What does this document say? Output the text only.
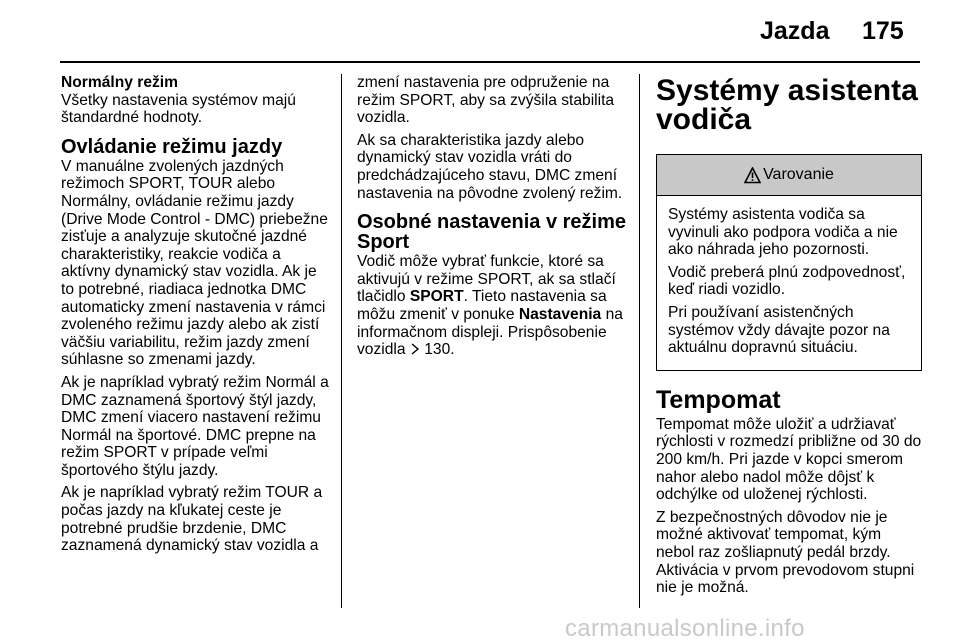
Jazda 175
Normálny režim

Všetky nastavenia systémov majú štandardné hodnoty.

Ovládanie režimu jazdy

V manuálne zvolených jazdných režimoch SPORT, TOUR alebo Normálny, ovládanie režimu jazdy (Drive Mode Control - DMC) priebežne zisťuje a analyzuje skutočné jazdné charakteristiky, reakcie vodiča a aktívny dynamický stav vozidla. Ak je to potrebné, riadiaca jednotka DMC automaticky zmení nastavenia v rámci zvoleného režimu jazdy alebo ak zistí väčšiu variabilitu, režim jazdy zmení súhlasne so zmenami jazdy.

Ak je napríklad vybratý režim Normál a DMC zaznamená športový štýl jazdy, DMC zmení viacero nastavení režimu Normál na športové. DMC prepne na režim SPORT v prípade veľmi športového štýlu jazdy.

Ak je napríklad vybratý režim TOUR a počas jazdy na kľukatej ceste je potrebné prudšie brzdenie, DMC zaznamená dynamický stav vozidla a

zmení nastavenia pre odpruženie na režim SPORT, aby sa zvýšila stabilita vozidla.

Ak sa charakteristika jazdy alebo dynamický stav vozidla vráti do predchádzajúceho stavu, DMC zmení nastavenia na pôvodne zvolený režim.

Osobné nastavenia v režime Sport

Vodič môže vybrať funkcie, ktoré sa aktivujú v režime SPORT, ak sa stlačí tlačidlo SPORT. Tieto nastavenia sa môžu zmeniť v ponuke Nastavenia na informačnom displeji. Prispôsobenie vozidla  130.

Systémy asistenta vodiča
Varovanie

Systémy asistenta vodiča sa vyvinuli ako podpora vodiča a nie ako náhrada jeho pozornosti.

Vodič preberá plnú zodpovednosť, keď riadi vozidlo.

Pri používaní asistenčných systémov vždy dávajte pozor na aktuálnu dopravnú situáciu.

Tempomat

Tempomat môže uložiť a udržiavať rýchlosti v rozmedzí približne od 30 do 200 km/h. Pri jazde v kopci smerom nahor alebo nadol môže dôjsť k odchýlke od uloženej rýchlosti.

Z bezpečnostných dôvodov nie je možné aktivovať tempomat, kým nebol raz zošliapnutý pedál brzdy. Aktivácia v prvom prevodovom stupni nie je možná.

carmanualsonline.info
